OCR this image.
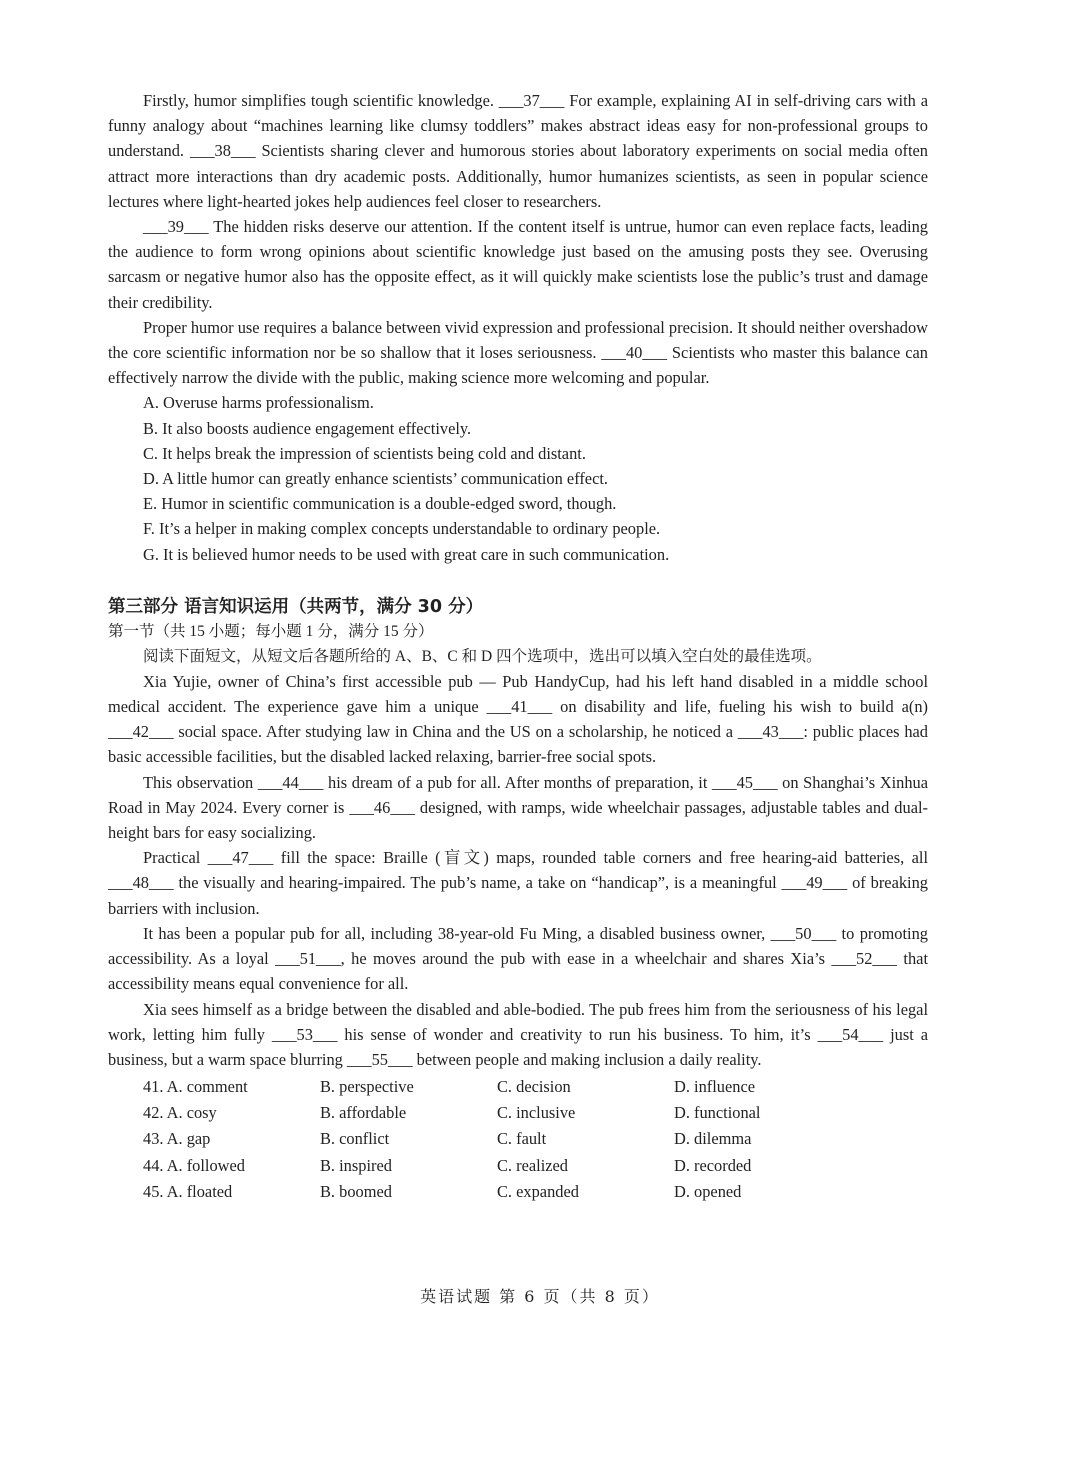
Firstly, humor simplifies tough scientific knowledge. ___37___ For example, explaining AI in self-driving cars with a funny analogy about “machines learning like clumsy toddlers” makes abstract ideas easy for non-professional groups to understand. ___38___ Scientists sharing clever and humorous stories about laboratory experiments on social media often attract more interactions than dry academic posts. Additionally, humor humanizes scientists, as seen in popular science lectures where light-hearted jokes help audiences feel closer to researchers.

___39___ The hidden risks deserve our attention. If the content itself is untrue, humor can even replace facts, leading the audience to form wrong opinions about scientific knowledge just based on the amusing posts they see. Overusing sarcasm or negative humor also has the opposite effect, as it will quickly make scientists lose the public’s trust and damage their credibility.

Proper humor use requires a balance between vivid expression and professional precision. It should neither overshadow the core scientific information nor be so shallow that it loses seriousness. ___40___ Scientists who master this balance can effectively narrow the divide with the public, making science more welcoming and popular.

A. Overuse harms professionalism.

B. It also boosts audience engagement effectively.

C. It helps break the impression of scientists being cold and distant.

D. A little humor can greatly enhance scientists’ communication effect.

E. Humor in scientific communication is a double-edged sword, though.

F. It’s a helper in making complex concepts understandable to ordinary people.

G. It is believed humor needs to be used with great care in such communication.

第三部分 语言知识运用（共两节，满分 30 分）

第一节（共 15 小题；每小题 1 分，满分 15 分）

阅读下面短文，从短文后各题所给的 A、B、C 和 D 四个选项中，选出可以填入空白处的最佳选项。

Xia Yujie, owner of China’s first accessible pub — Pub HandyCup, had his left hand disabled in a middle school medical accident. The experience gave him a unique ___41___ on disability and life, fueling his wish to build a(n) ___42___ social space. After studying law in China and the US on a scholarship, he noticed a ___43___: public places had basic accessible facilities, but the disabled lacked relaxing, barrier-free social spots.

This observation ___44___ his dream of a pub for all. After months of preparation, it ___45___ on Shanghai’s Xinhua Road in May 2024. Every corner is ___46___ designed, with ramps, wide wheelchair passages, adjustable tables and dual-height bars for easy socializing.

Practical ___47___ fill the space: Braille (盲文) maps, rounded table corners and free hearing-aid batteries, all ___48___ the visually and hearing-impaired. The pub’s name, a take on “handicap”, is a meaningful ___49___ of breaking barriers with inclusion.

It has been a popular pub for all, including 38-year-old Fu Ming, a disabled business owner, ___50___ to promoting accessibility. As a loyal ___51___, he moves around the pub with ease in a wheelchair and shares Xia’s ___52___ that accessibility means equal convenience for all.

Xia sees himself as a bridge between the disabled and able-bodied. The pub frees him from the seriousness of his legal work, letting him fully ___53___ his sense of wonder and creativity to run his business. To him, it’s ___54___ just a business, but a warm space blurring ___55___ between people and making inclusion a daily reality.

41. A. comment	B. perspective	C. decision	D. influence
42. A. cosy	B. affordable	C. inclusive	D. functional
43. A. gap	B. conflict	C. fault	D. dilemma
44. A. followed	B. inspired	C. realized	D. recorded
45. A. floated	B. boomed	C. expanded	D. opened
英语试题 第 6 页（共 8 页）
